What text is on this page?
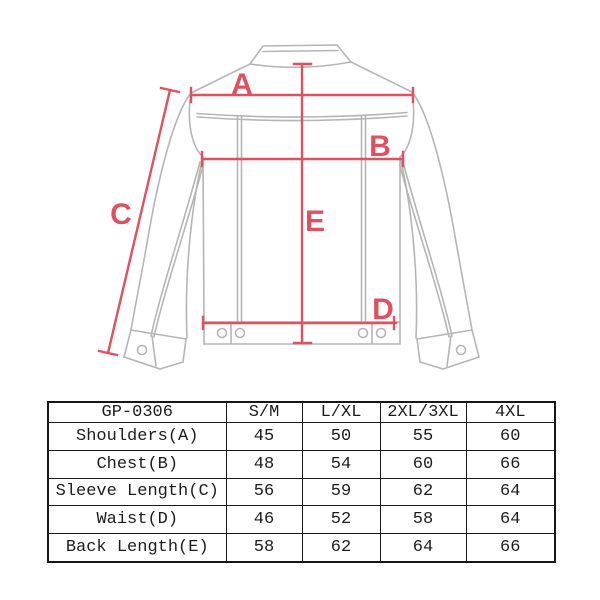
A
B
C
D
E
GP-0306	S/M	L/XL	2XL/3XL	4XL
Shoulders(A)	45	50	55	60
Chest(B)	48	54	60	66
Sleeve Length(C)	56	59	62	64
Waist(D)	46	52	58	64
Back Length(E)	58	62	64	66
